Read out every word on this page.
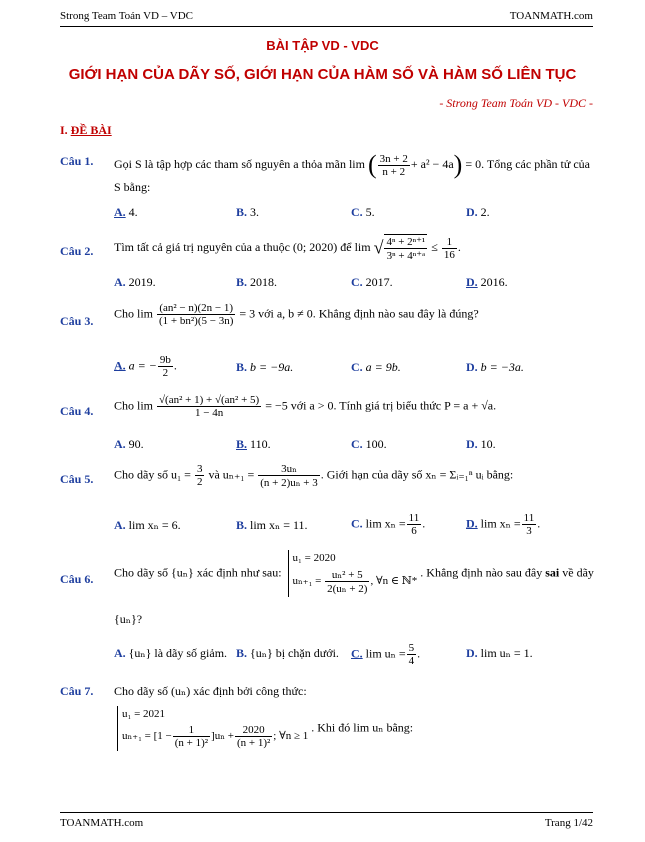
Strong Team Toán VD – VDC	TOANMATH.com
BÀI TẬP VD - VDC
GIỚI HẠN CỦA DÃY SỐ, GIỚI HẠN CỦA HÀM SỐ VÀ HÀM SỐ LIÊN TỤC
- Strong Team Toán VD - VDC -
I. ĐỀ BÀI
Câu 1. Gọi S là tập hợp các tham số nguyên a thỏa mãn lim ( $\frac{3n + 2}{n + 2} + a^2 - 4a) = 0$. Tổng các phần tử của
S bằng:
A. 4.	B. 3.	C. 5.	D. 2.
Câu 2. Tìm tất cả giá trị nguyên của a thuộc (0; 2020) để lim √ $\frac{\text{4ⁿ + 2ⁿ⁺¹}}{\text{3ⁿ + 4ⁿ⁺ᵃ}} \le \frac{1}{16}$ .
A. 2019.	B. 2018.	C. 2017.	D. 2016.
Câu 3.
Cho $\lim \frac{\text{(an² − n)(2n − 1)}}{\text{(1 + bn²)(5 − 3n)}} = 3$ với a, b ≠ 0. Khẳng định nào sau đây là đúng?
A. a = − $\frac{9b}{2}$ .	B. b = −9a.	C. a = 9b.	D. b = −3a.
Câu 4. Cho $\lim \frac{\text{√(an² + 1) + √(an² + 5)}}{1 - 4n} = -5$ với a > 0. Tính giá trị biểu thức P = a + √a.
A. 90.	B. 110.	C. 100.	D. 10.
Câu 5. Cho dãy số $u_1 = \frac{3}{2}$ và $u_{n+1} = \frac{\text{3uₙ}}{\text{(n + 2)uₙ + 3}}$ . Giới hạn của dãy số xₙ = Σᵢ₌₁ⁿ uᵢ bằng:
A. lim xₙ = 6.	B. lim xₙ = 11.	C. $\lim x_n = \frac{11}{6}$ .	D. $\lim x_n = \frac{11}{3}$ .
Câu 6. Cho dãy số {uₙ} xác định như sau:
u₁ = 2020
$u_{n+1} = \frac{\text{uₙ² + 5}}{\text{2(uₙ + 2)}}$ , ∀n ∈ ℕ*
. Khẳng định nào sau đây sai về dãy
{uₙ}?
A. {uₙ} là dãy số giảm. B. {uₙ} bị chặn dưới. C. $\lim u_n = \frac{5}{4}$ .	D. lim uₙ = 1.
Câu 7. Cho dãy số (uₙ) xác định bởi công thức:
u₁ = 2021
$u_{n+1} = [1 - \frac{1}{\text{(n + 1)²}} ]u_n + \frac{2020}{\text{(n + 1)²}}$ ; ∀n ≥ 1
. Khi đó lim uₙ bằng:
TOANMATH.com	Trang 1/42
